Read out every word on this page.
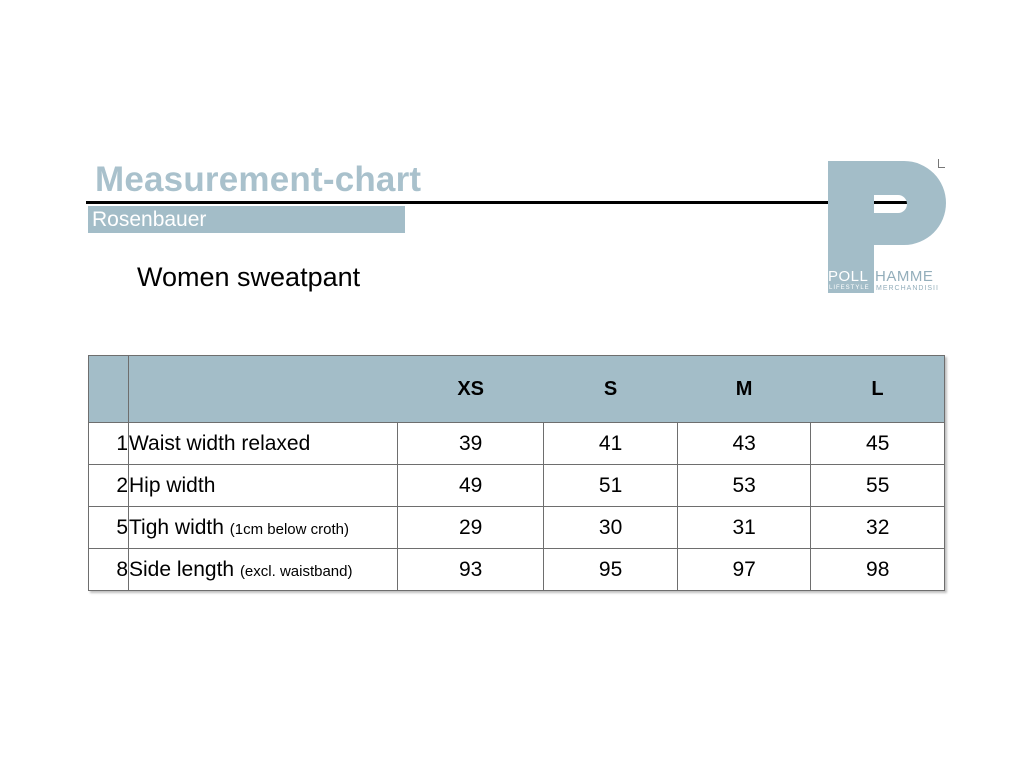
Measurement-chart
Rosenbauer
Women sweatpant	POLL HAMME
LIFESTYLE MERCHANDISII
		XS	S	M	L
1	Waist width relaxed	39	41	43	45
2	Hip width	49	51	53	55
5	Tigh width (1cm below croth)	29	30	31	32
8	Side length (excl. waistband)	93	95	97	98
